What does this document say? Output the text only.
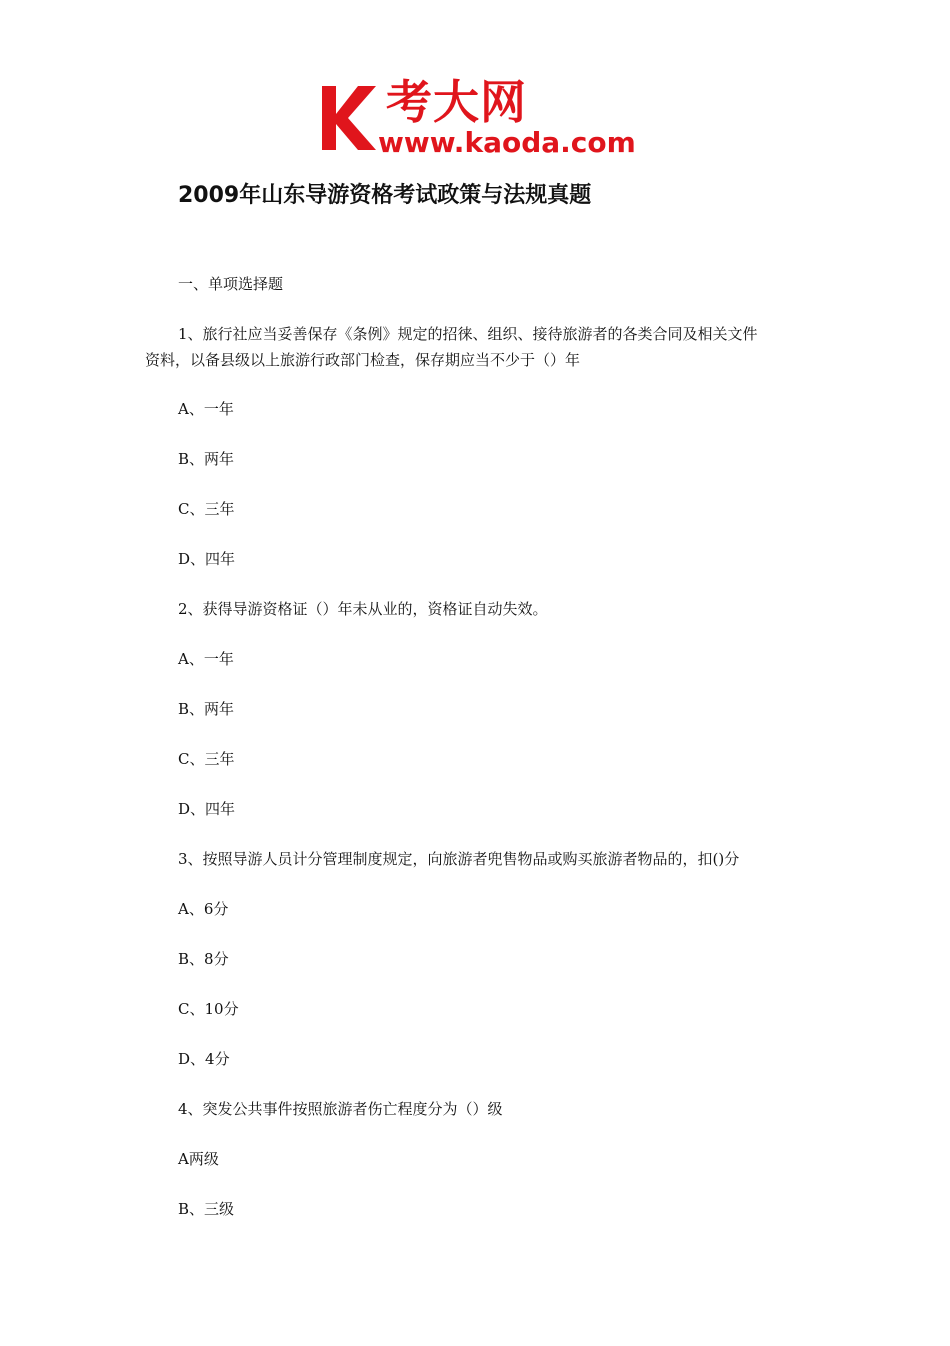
考大网
www.kaoda.com
2009年山东导游资格考试政策与法规真题
一、单项选择题
1、旅行社应当妥善保存《条例》规定的招徕、组织、接待旅游者的各类合同及相关文件
资料，以备县级以上旅游行政部门检查，保存期应当不少于（）年
A、一年
B、两年
C、三年
D、四年
2、获得导游资格证（）年未从业的，资格证自动失效。
A、一年
B、两年
C、三年
D、四年
3、按照导游人员计分管理制度规定，向旅游者兜售物品或购买旅游者物品的，扣()分
A、6分
B、8分
C、10分
D、4分
4、突发公共事件按照旅游者伤亡程度分为（）级
A两级
B、三级
